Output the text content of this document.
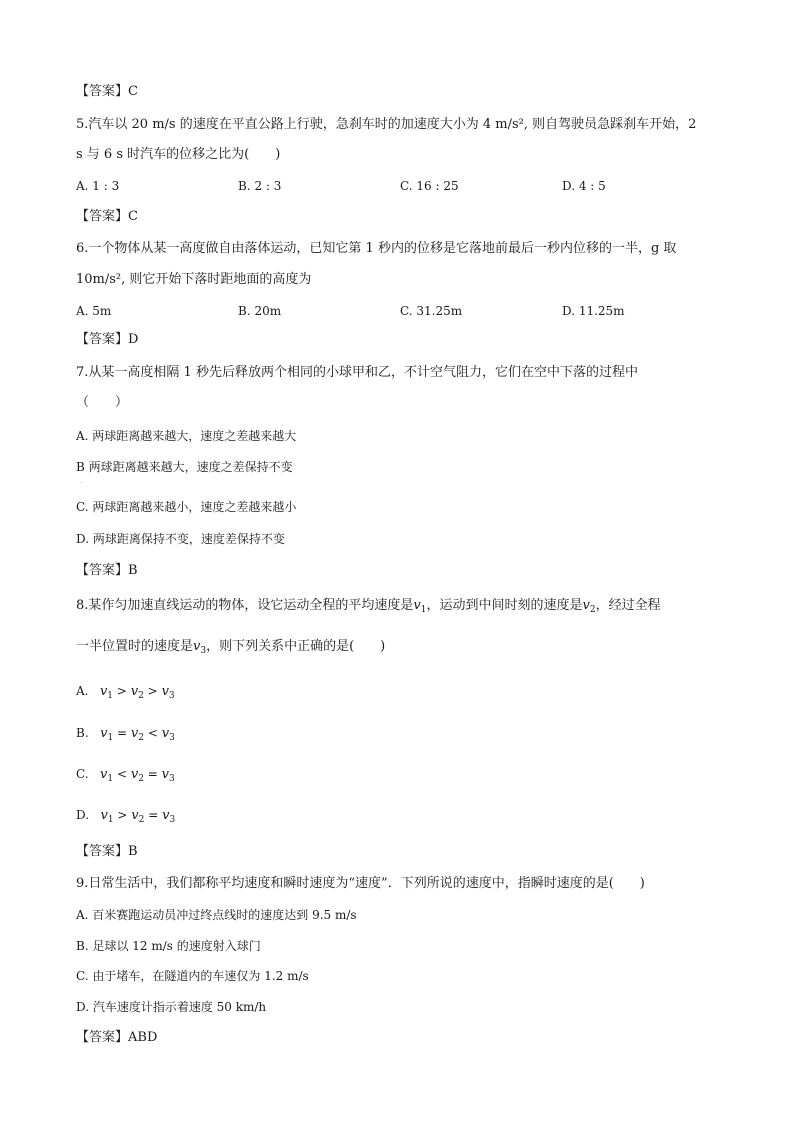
【答案】C
5.汽车以 20 m/s 的速度在平直公路上行驶，急刹车时的加速度大小为 4 m/s², 则自驾驶员急踩刹车开始，2
s 与 6 s 时汽车的位移之比为(　　)
A. 1 : 3	B. 2 : 3	C. 16 : 25	D. 4 : 5
【答案】C
6.一个物体从某一高度做自由落体运动，已知它第 1 秒内的位移是它落地前最后一秒内位移的一半，g 取
10m/s², 则它开始下落时距地面的高度为
A. 5m	B. 20m	C. 31.25m	D. 11.25m
【答案】D
7.从某一高度相隔 1 秒先后释放两个相同的小球甲和乙，不计空气阻力，它们在空中下落的过程中
（　　）
A. 两球距离越来越大，速度之差越来越大
B 两球距离越来越大，速度之差保持不变
.
C. 两球距离越来越小，速度之差越来越小
D. 两球距离保持不变，速度差保持不变
【答案】B
8.某作匀加速直线运动的物体，设它运动全程的平均速度是$v_1$，运动到中间时刻的速度是$v_2$，经过全程
一半位置时的速度是$v_3$，则下列关系中正确的是(　　)
A. $v_1 > v_2 > v_3$
B. $v_1 = v_2 < v_3$
C. $v_1 < v_2 = v_3$
D. $v_1 > v_2 = v_3$
【答案】B
9.日常生活中，我们都称平均速度和瞬时速度为“速度”．下列所说的速度中，指瞬时速度的是(　　)
A. 百米赛跑运动员冲过终点线时的速度达到 9.5 m/s
B. 足球以 12 m/s 的速度射入球门
C. 由于堵车，在隧道内的车速仅为 1.2 m/s
D. 汽车速度计指示着速度 50 km/h
【答案】ABD
